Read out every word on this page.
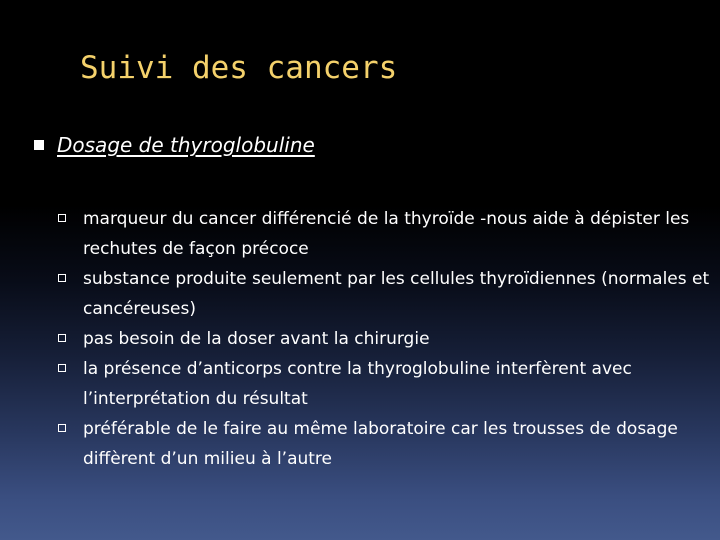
Suivi des cancers
Dosage de thyroglobuline
marqueur du cancer différencié de la thyroïde -nous aide à dépister les rechutes de façon précoce
substance produite seulement par les cellules thyroïdiennes (normales et cancéreuses)
pas besoin de la doser avant la chirurgie
la présence d’anticorps contre la thyroglobuline interfèrent avec l’interprétation du résultat
préférable de le faire au même laboratoire car les trousses de dosage diffèrent d’un milieu à l’autre
